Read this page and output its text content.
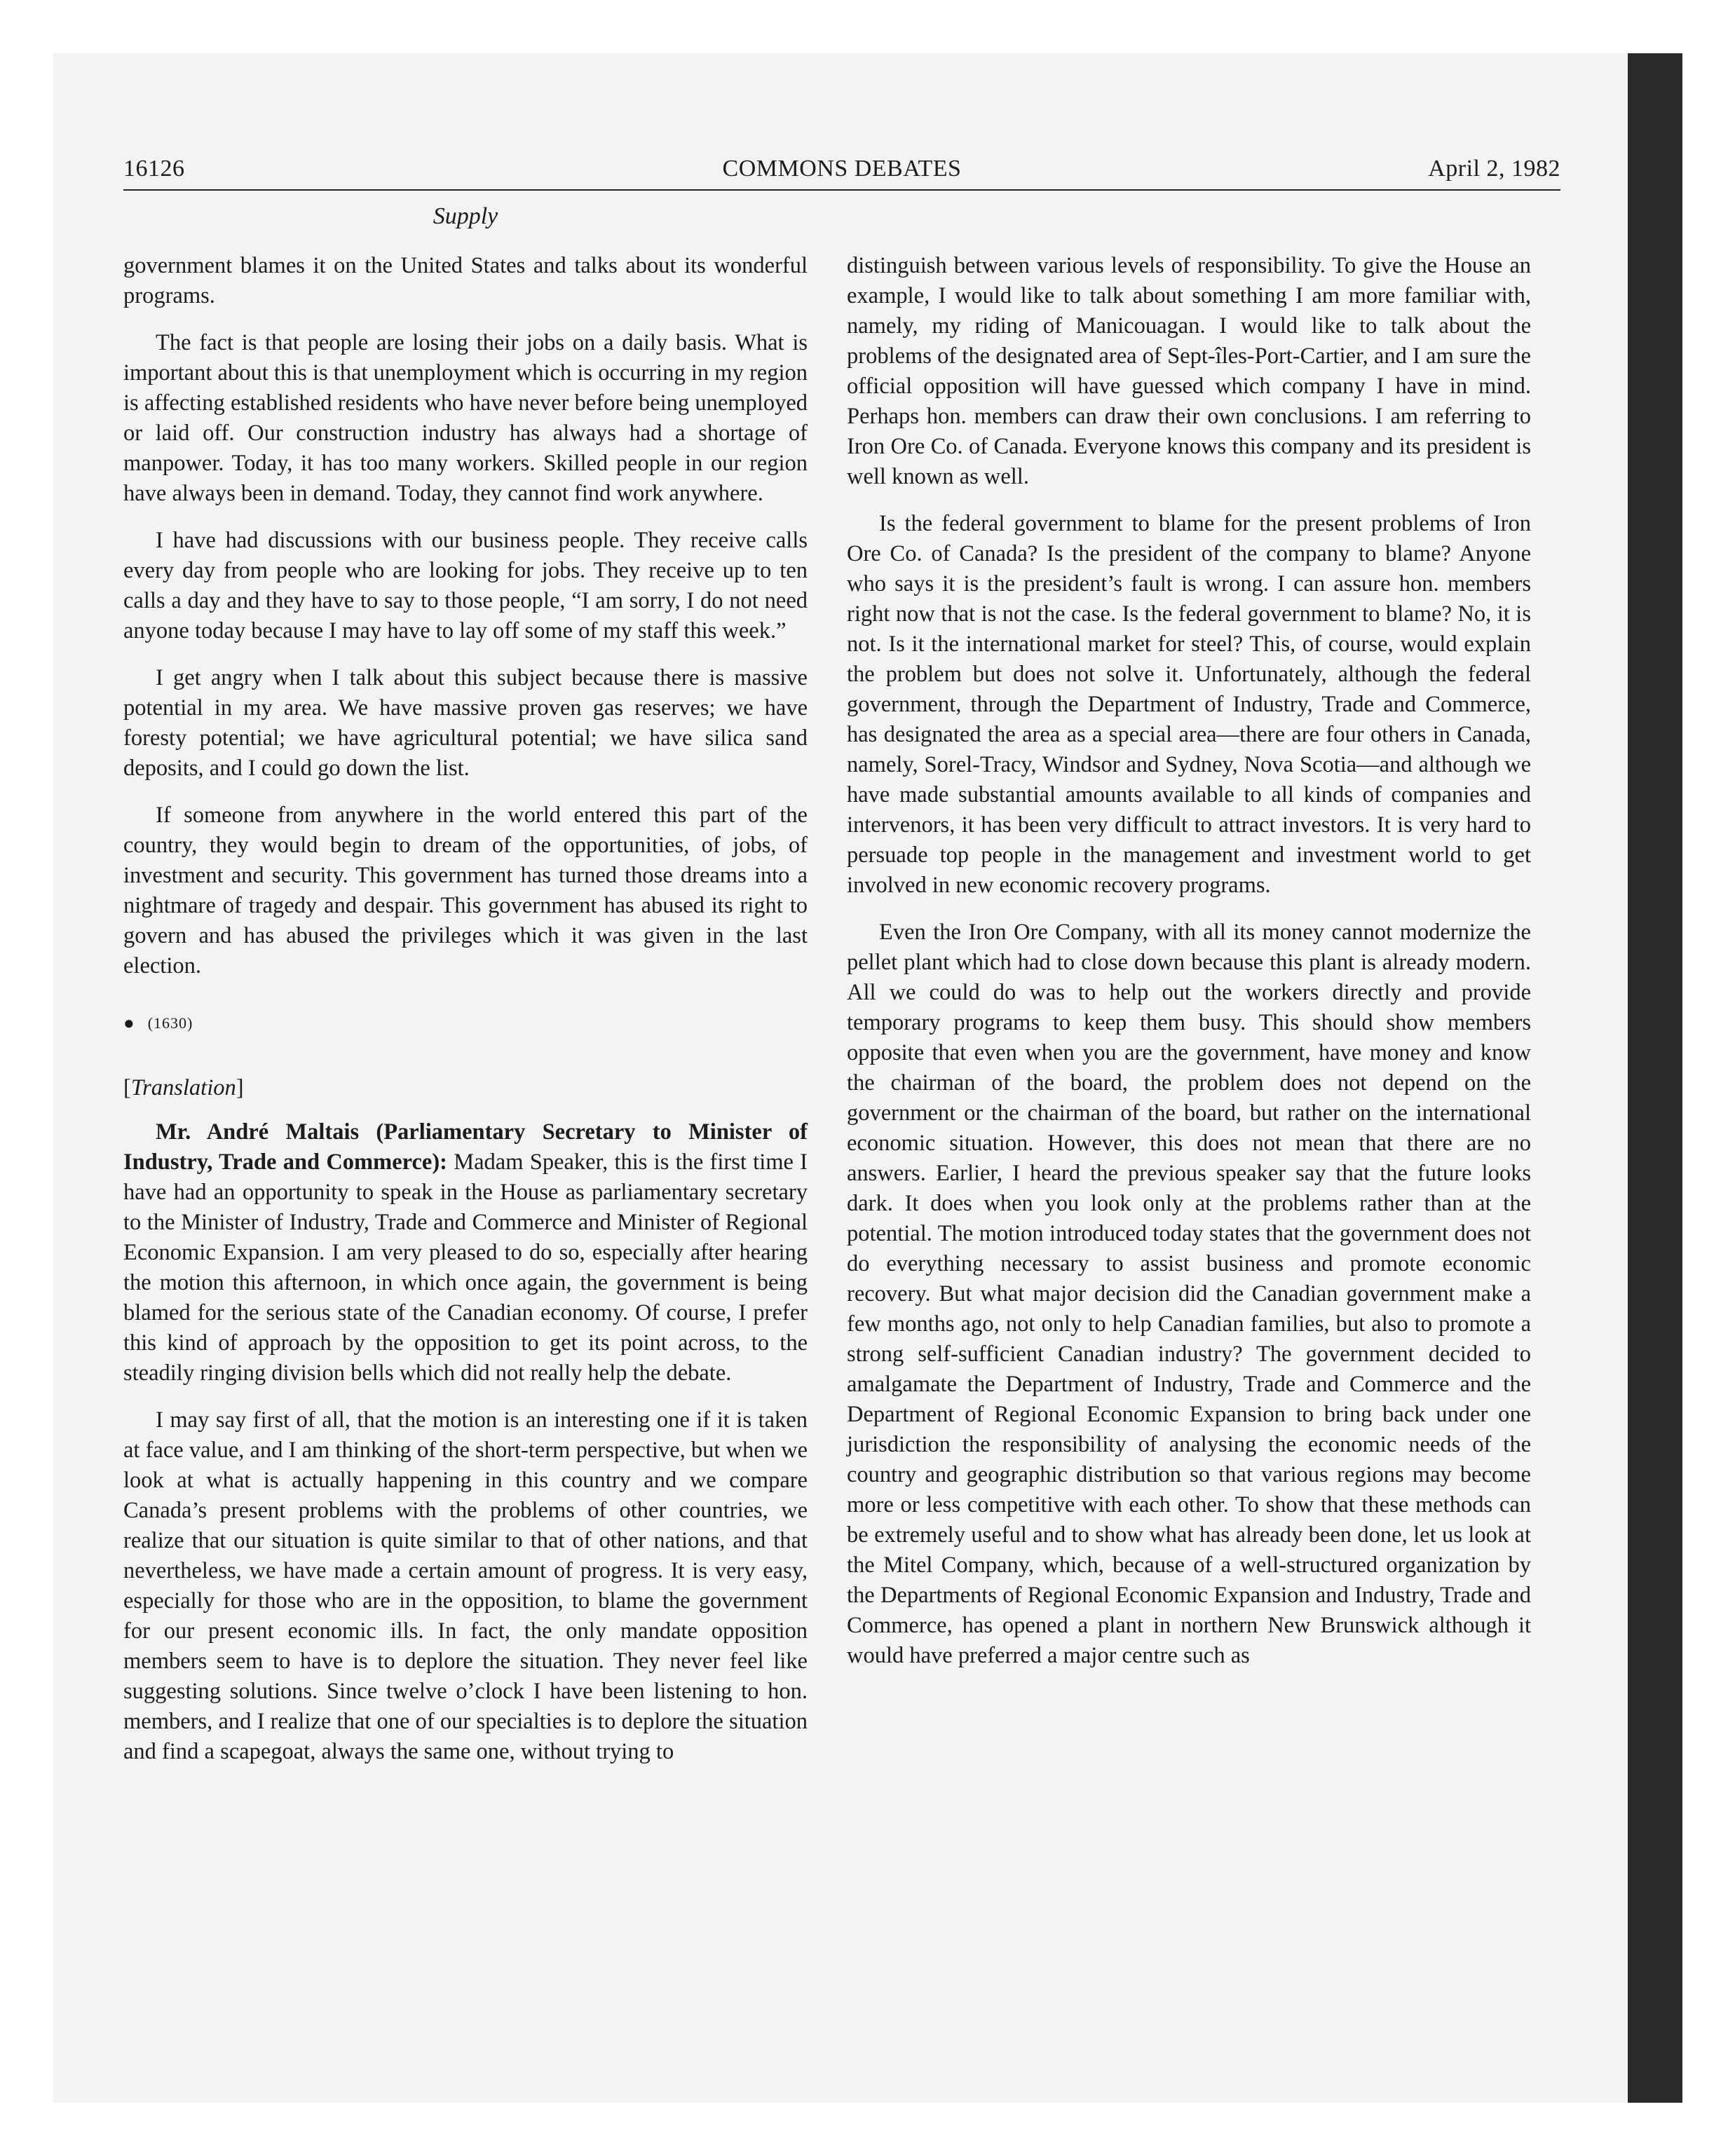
16126	COMMONS DEBATES	April 2, 1982
Supply

government blames it on the United States and talks about its wonderful programs.

The fact is that people are losing their jobs on a daily basis. What is important about this is that unemployment which is occurring in my region is affecting established residents who have never before being unemployed or laid off. Our construction industry has always had a shortage of manpower. Today, it has too many workers. Skilled people in our region have always been in demand. Today, they cannot find work anywhere.

I have had discussions with our business people. They receive calls every day from people who are looking for jobs. They receive up to ten calls a day and they have to say to those people, “I am sorry, I do not need anyone today because I may have to lay off some of my staff this week.”

I get angry when I talk about this subject because there is massive potential in my area. We have massive proven gas reserves; we have foresty potential; we have agricultural potential; we have silica sand deposits, and I could go down the list.

If someone from anywhere in the world entered this part of the country, they would begin to dream of the opportunities, of jobs, of investment and security. This government has turned those dreams into a nightmare of tragedy and despair. This government has abused its right to govern and has abused the privileges which it was given in the last election.

● (1630)
[Translation]

Mr. André Maltais (Parliamentary Secretary to Minister of Industry, Trade and Commerce): Madam Speaker, this is the first time I have had an opportunity to speak in the House as parliamentary secretary to the Minister of Industry, Trade and Commerce and Minister of Regional Economic Expansion. I am very pleased to do so, especially after hearing the motion this afternoon, in which once again, the government is being blamed for the serious state of the Canadian economy. Of course, I prefer this kind of approach by the opposition to get its point across, to the steadily ringing division bells which did not really help the debate.

I may say first of all, that the motion is an interesting one if it is taken at face value, and I am thinking of the short-term perspective, but when we look at what is actually happening in this country and we compare Canada’s present problems with the problems of other countries, we realize that our situation is quite similar to that of other nations, and that nevertheless, we have made a certain amount of progress. It is very easy, especially for those who are in the opposition, to blame the government for our present economic ills. In fact, the only mandate opposition members seem to have is to deplore the situation. They never feel like suggesting solutions. Since twelve o’clock I have been listening to hon. members, and I realize that one of our specialties is to deplore the situation and find a scapegoat, always the same one, without trying to

distinguish between various levels of responsibility. To give the House an example, I would like to talk about something I am more familiar with, namely, my riding of Manicouagan. I would like to talk about the problems of the designated area of Sept-îles-Port-Cartier, and I am sure the official opposition will have guessed which company I have in mind. Perhaps hon. members can draw their own conclusions. I am referring to Iron Ore Co. of Canada. Everyone knows this company and its president is well known as well.

Is the federal government to blame for the present problems of Iron Ore Co. of Canada? Is the president of the company to blame? Anyone who says it is the president’s fault is wrong. I can assure hon. members right now that is not the case. Is the federal government to blame? No, it is not. Is it the international market for steel? This, of course, would explain the problem but does not solve it. Unfortunately, although the federal government, through the Department of Industry, Trade and Commerce, has designated the area as a special area—there are four others in Canada, namely, Sorel-Tracy, Windsor and Sydney, Nova Scotia—and although we have made substantial amounts available to all kinds of companies and intervenors, it has been very difficult to attract investors. It is very hard to persuade top people in the management and investment world to get involved in new economic recovery programs.

Even the Iron Ore Company, with all its money cannot modernize the pellet plant which had to close down because this plant is already modern. All we could do was to help out the workers directly and provide temporary programs to keep them busy. This should show members opposite that even when you are the government, have money and know the chairman of the board, the problem does not depend on the government or the chairman of the board, but rather on the international economic situation. However, this does not mean that there are no answers. Earlier, I heard the previous speaker say that the future looks dark. It does when you look only at the problems rather than at the potential. The motion introduced today states that the government does not do everything necessary to assist business and promote economic recovery. But what major decision did the Canadian government make a few months ago, not only to help Canadian families, but also to promote a strong self-sufficient Canadian industry? The government decided to amalgamate the Department of Industry, Trade and Commerce and the Department of Regional Economic Expansion to bring back under one jurisdiction the responsibility of analysing the economic needs of the country and geographic distribution so that various regions may become more or less competitive with each other. To show that these methods can be extremely useful and to show what has already been done, let us look at the Mitel Company, which, because of a well-structured organization by the Departments of Regional Economic Expansion and Industry, Trade and Commerce, has opened a plant in northern New Brunswick although it would have preferred a major centre such as
